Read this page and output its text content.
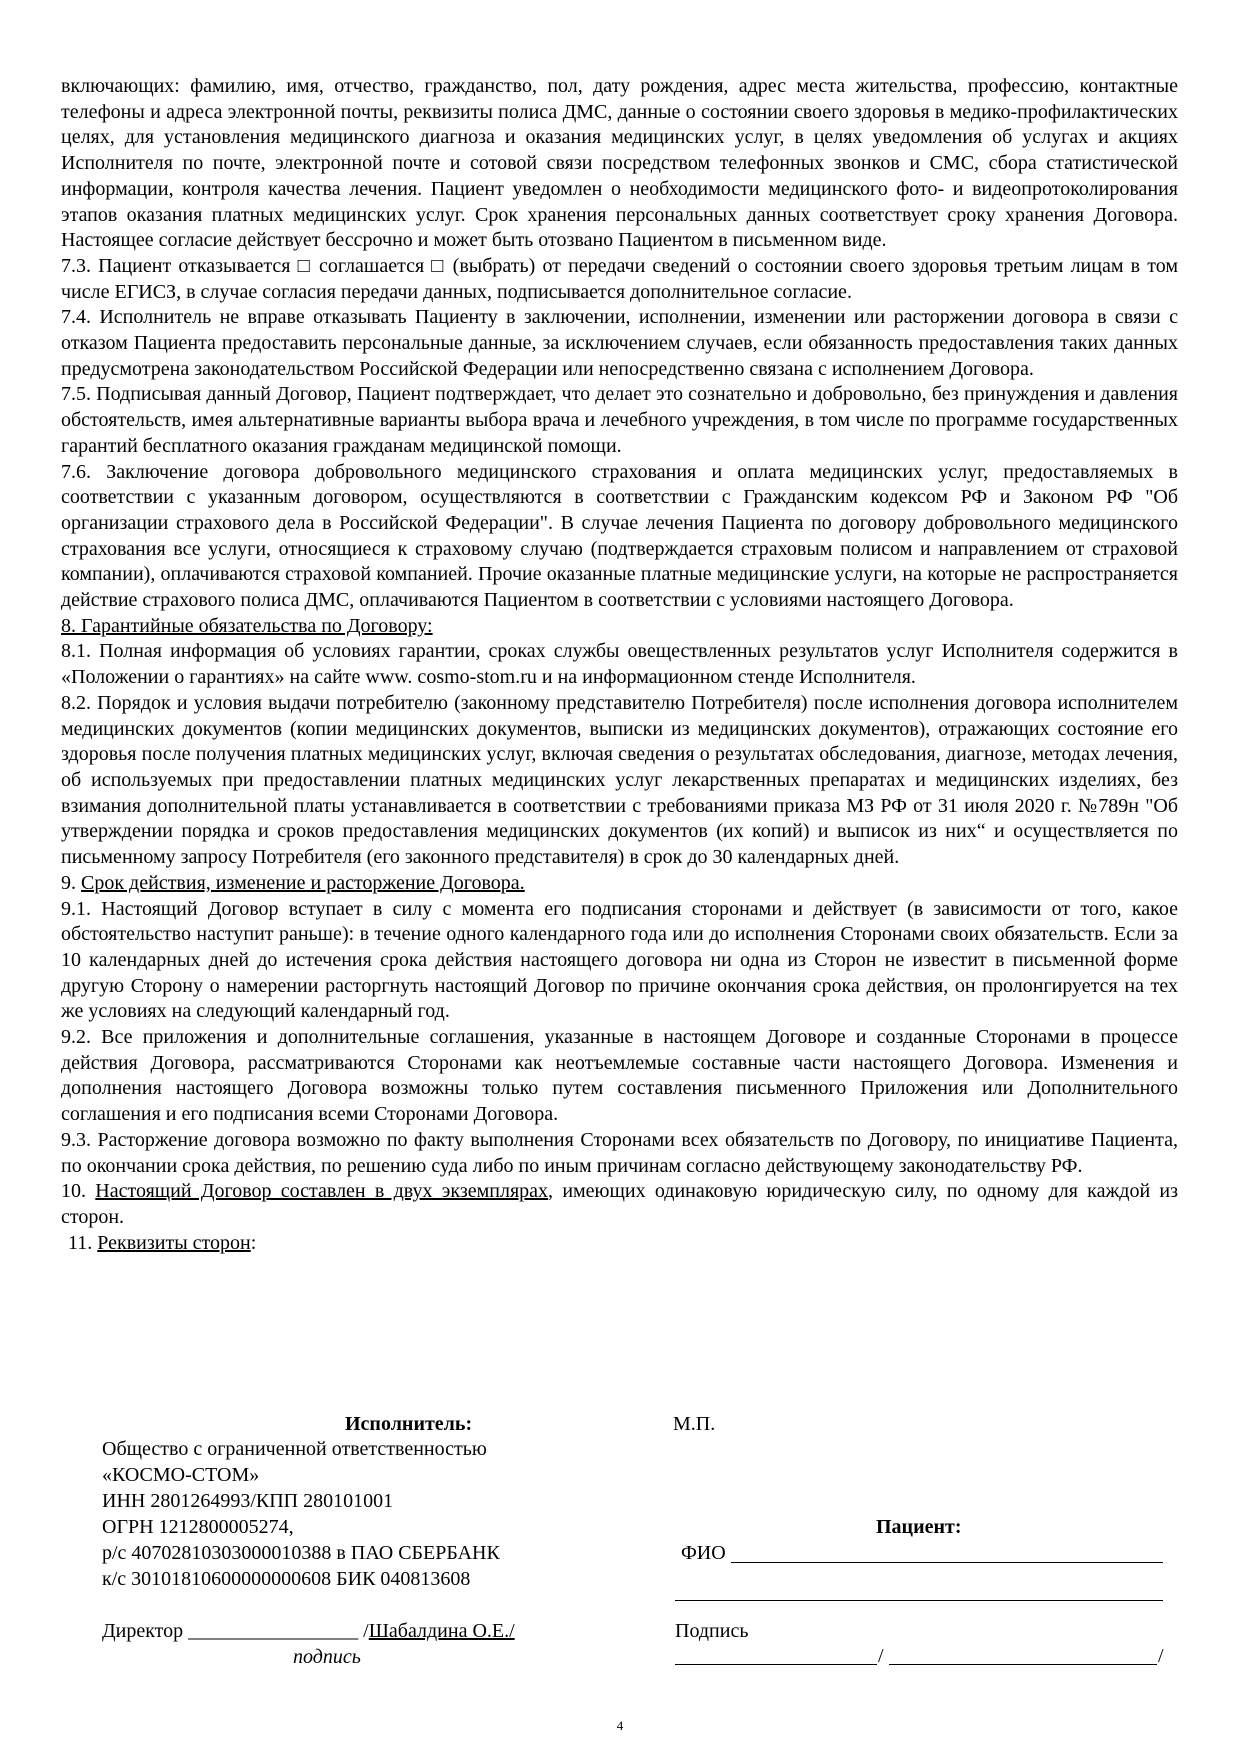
включающих: фамилию, имя, отчество, гражданство, пол, дату рождения, адрес места жительства, профессию, контактные телефоны и адреса электронной почты, реквизиты полиса ДМС, данные о состоянии своего здоровья в медико-профилактических целях, для установления медицинского диагноза и оказания медицинских услуг, в целях уведомления об услугах и акциях Исполнителя по почте, электронной почте и сотовой связи посредством телефонных звонков и СМС, сбора статистической информации, контроля качества лечения. Пациент уведомлен о необходимости медицинского фото- и видеопротоколирования этапов оказания платных медицинских услуг. Срок хранения персональных данных соответствует сроку хранения Договора. Настоящее согласие действует бессрочно и может быть отозвано Пациентом в письменном виде.

7.3. Пациент отказывается □ соглашается □ (выбрать) от передачи сведений о состоянии своего здоровья третьим лицам в том числе ЕГИСЗ, в случае согласия передачи данных, подписывается дополнительное согласие.

7.4. Исполнитель не вправе отказывать Пациенту в заключении, исполнении, изменении или расторжении договора в связи с отказом Пациента предоставить персональные данные, за исключением случаев, если обязанность предоставления таких данных предусмотрена законодательством Российской Федерации или непосредственно связана с исполнением Договора.

7.5. Подписывая данный Договор, Пациент подтверждает, что делает это сознательно и добровольно, без принуждения и давления обстоятельств, имея альтернативные варианты выбора врача и лечебного учреждения, в том числе по программе государственных гарантий бесплатного оказания гражданам медицинской помощи.

7.6. Заключение договора добровольного медицинского страхования и оплата медицинских услуг, предоставляемых в соответствии с указанным договором, осуществляются в соответствии с Гражданским кодексом РФ и Законом РФ "Об организации страхового дела в Российской Федерации". В случае лечения Пациента по договору добровольного медицинского страхования все услуги, относящиеся к страховому случаю (подтверждается страховым полисом и направлением от страховой компании), оплачиваются страховой компанией. Прочие оказанные платные медицинские услуги, на которые не распространяется действие страхового полиса ДМС, оплачиваются Пациентом в соответствии с условиями настоящего Договора.

8. Гарантийные обязательства по Договору:

8.1. Полная информация об условиях гарантии, сроках службы овеществленных результатов услуг Исполнителя содержится в «Положении о гарантиях» на сайте www. cosmo-stom.ru и на информационном стенде Исполнителя.

8.2. Порядок и условия выдачи потребителю (законному представителю Потребителя) после исполнения договора исполнителем медицинских документов (копии медицинских документов, выписки из медицинских документов), отражающих состояние его здоровья после получения платных медицинских услуг, включая сведения о результатах обследования, диагнозе, методах лечения, об используемых при предоставлении платных медицинских услуг лекарственных препаратах и медицинских изделиях, без взимания дополнительной платы устанавливается в соответствии с требованиями приказа МЗ РФ от 31 июля 2020 г. №789н "Об утверждении порядка и сроков предоставления медицинских документов (их копий) и выписок из них“ и осуществляется по письменному запросу Потребителя (его законного представителя) в срок до 30 календарных дней.

9. Срок действия, изменение и расторжение Договора.

9.1. Настоящий Договор вступает в силу с момента его подписания сторонами и действует (в зависимости от того, какое обстоятельство наступит раньше): в течение одного календарного года или до исполнения Сторонами своих обязательств. Если за 10 календарных дней до истечения срока действия настоящего договора ни одна из Сторон не известит в письменной форме другую Сторону о намерении расторгнуть настоящий Договор по причине окончания срока действия, он пролонгируется на тех же условиях на следующий календарный год.

9.2. Все приложения и дополнительные соглашения, указанные в настоящем Договоре и созданные Сторонами в процессе действия Договора, рассматриваются Сторонами как неотъемлемые составные части настоящего Договора. Изменения и дополнения настоящего Договора возможны только путем составления письменного Приложения или Дополнительного соглашения и его подписания всеми Сторонами Договора.

9.3. Расторжение договора возможно по факту выполнения Сторонами всех обязательств по Договору, по инициативе Пациента, по окончании срока действия, по решению суда либо по иным причинам согласно действующему законодательству РФ.

10. Настоящий Договор составлен в двух экземплярах, имеющих одинаковую юридическую силу, по одному для каждой из сторон.

11. Реквизиты сторон:

Исполнитель:
Общество с ограниченной ответственностью
«КОСМО-СТОМ»
ИНН 2801264993/КПП 280101001
ОГРН 1212800005274,
р/с 40702810303000010388 в ПАО СБЕРБАНК
к/с 30101810600000000608 БИК 040813608
Директор _________________ /Шабалдина О.Е./
подпись
М.П.
Пациент:
ФИО
Подпись
/	/
4
